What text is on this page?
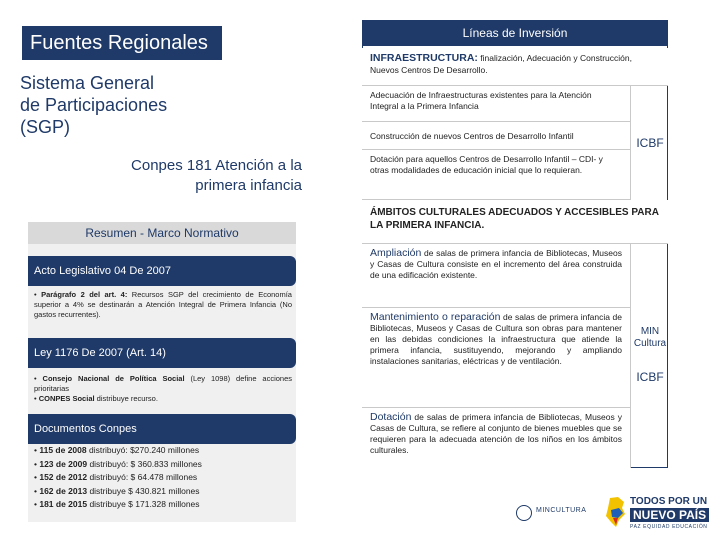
Fuentes Regionales
Sistema General
de Participaciones
(SGP)
Conpes 181 Atención a la
primera infancia
Resumen - Marco Normativo
Acto Legislativo 04 De 2007
• Parágrafo 2 del art. 4: Recursos SGP del crecimiento de Economía superior a 4% se destinarán a Atención Integral de Primera Infancia (No gastos recurrentes).
Ley 1176 De 2007 (Art. 14)
• Consejo Nacional de Política Social (Ley 1098) define acciones prioritarias
• CONPES Social distribuye recurso.
Documentos Conpes
• 115 de 2008 distribuyó: $270.240 millones
• 123 de 2009 distribuyó: $ 360.833 millones
• 152 de 2012 distribuyó: $ 64.478 millones
• 162 de 2013 distribuye $ 430.821 millones
• 181 de 2015 distribuye $ 171.328 millones
Líneas de Inversión
INFRAESTRUCTURA: finalización, Adecuación y Construcción, Nuevos Centros De Desarrollo.
Adecuación de Infraestructuras existentes para la Atención Integral a la Primera Infancia
Construcción de nuevos Centros de Desarrollo Infantil
Dotación para aquellos Centros de Desarrollo Infantil – CDI- y otras modalidades de educación inicial que lo requieran.
ICBF
ÁMBITOS CULTURALES ADECUADOS Y ACCESIBLES PARA LA PRIMERA INFANCIA.
Ampliación de salas de primera infancia de Bibliotecas, Museos y Casas de Cultura consiste en el incremento del área construida de una edificación existente.
Mantenimiento o reparación de salas de primera infancia de Bibliotecas, Museos y Casas de Cultura son obras para mantener en las debidas condiciones la infraestructura que atiende la primera infancia, sustituyendo, mejorando y ampliando instalaciones sanitarias, eléctricas y de ventilación.
Dotación de salas de primera infancia de Bibliotecas, Museos y Casas de Cultura, se refiere al conjunto de bienes muebles que se requieren para la adecuada atención de los niños en los ámbitos culturales.
MIN Cultura
ICBF
MINCULTURA
TODOS POR UN
NUEVO PAÍS
PAZ EQUIDAD EDUCACIÓN
